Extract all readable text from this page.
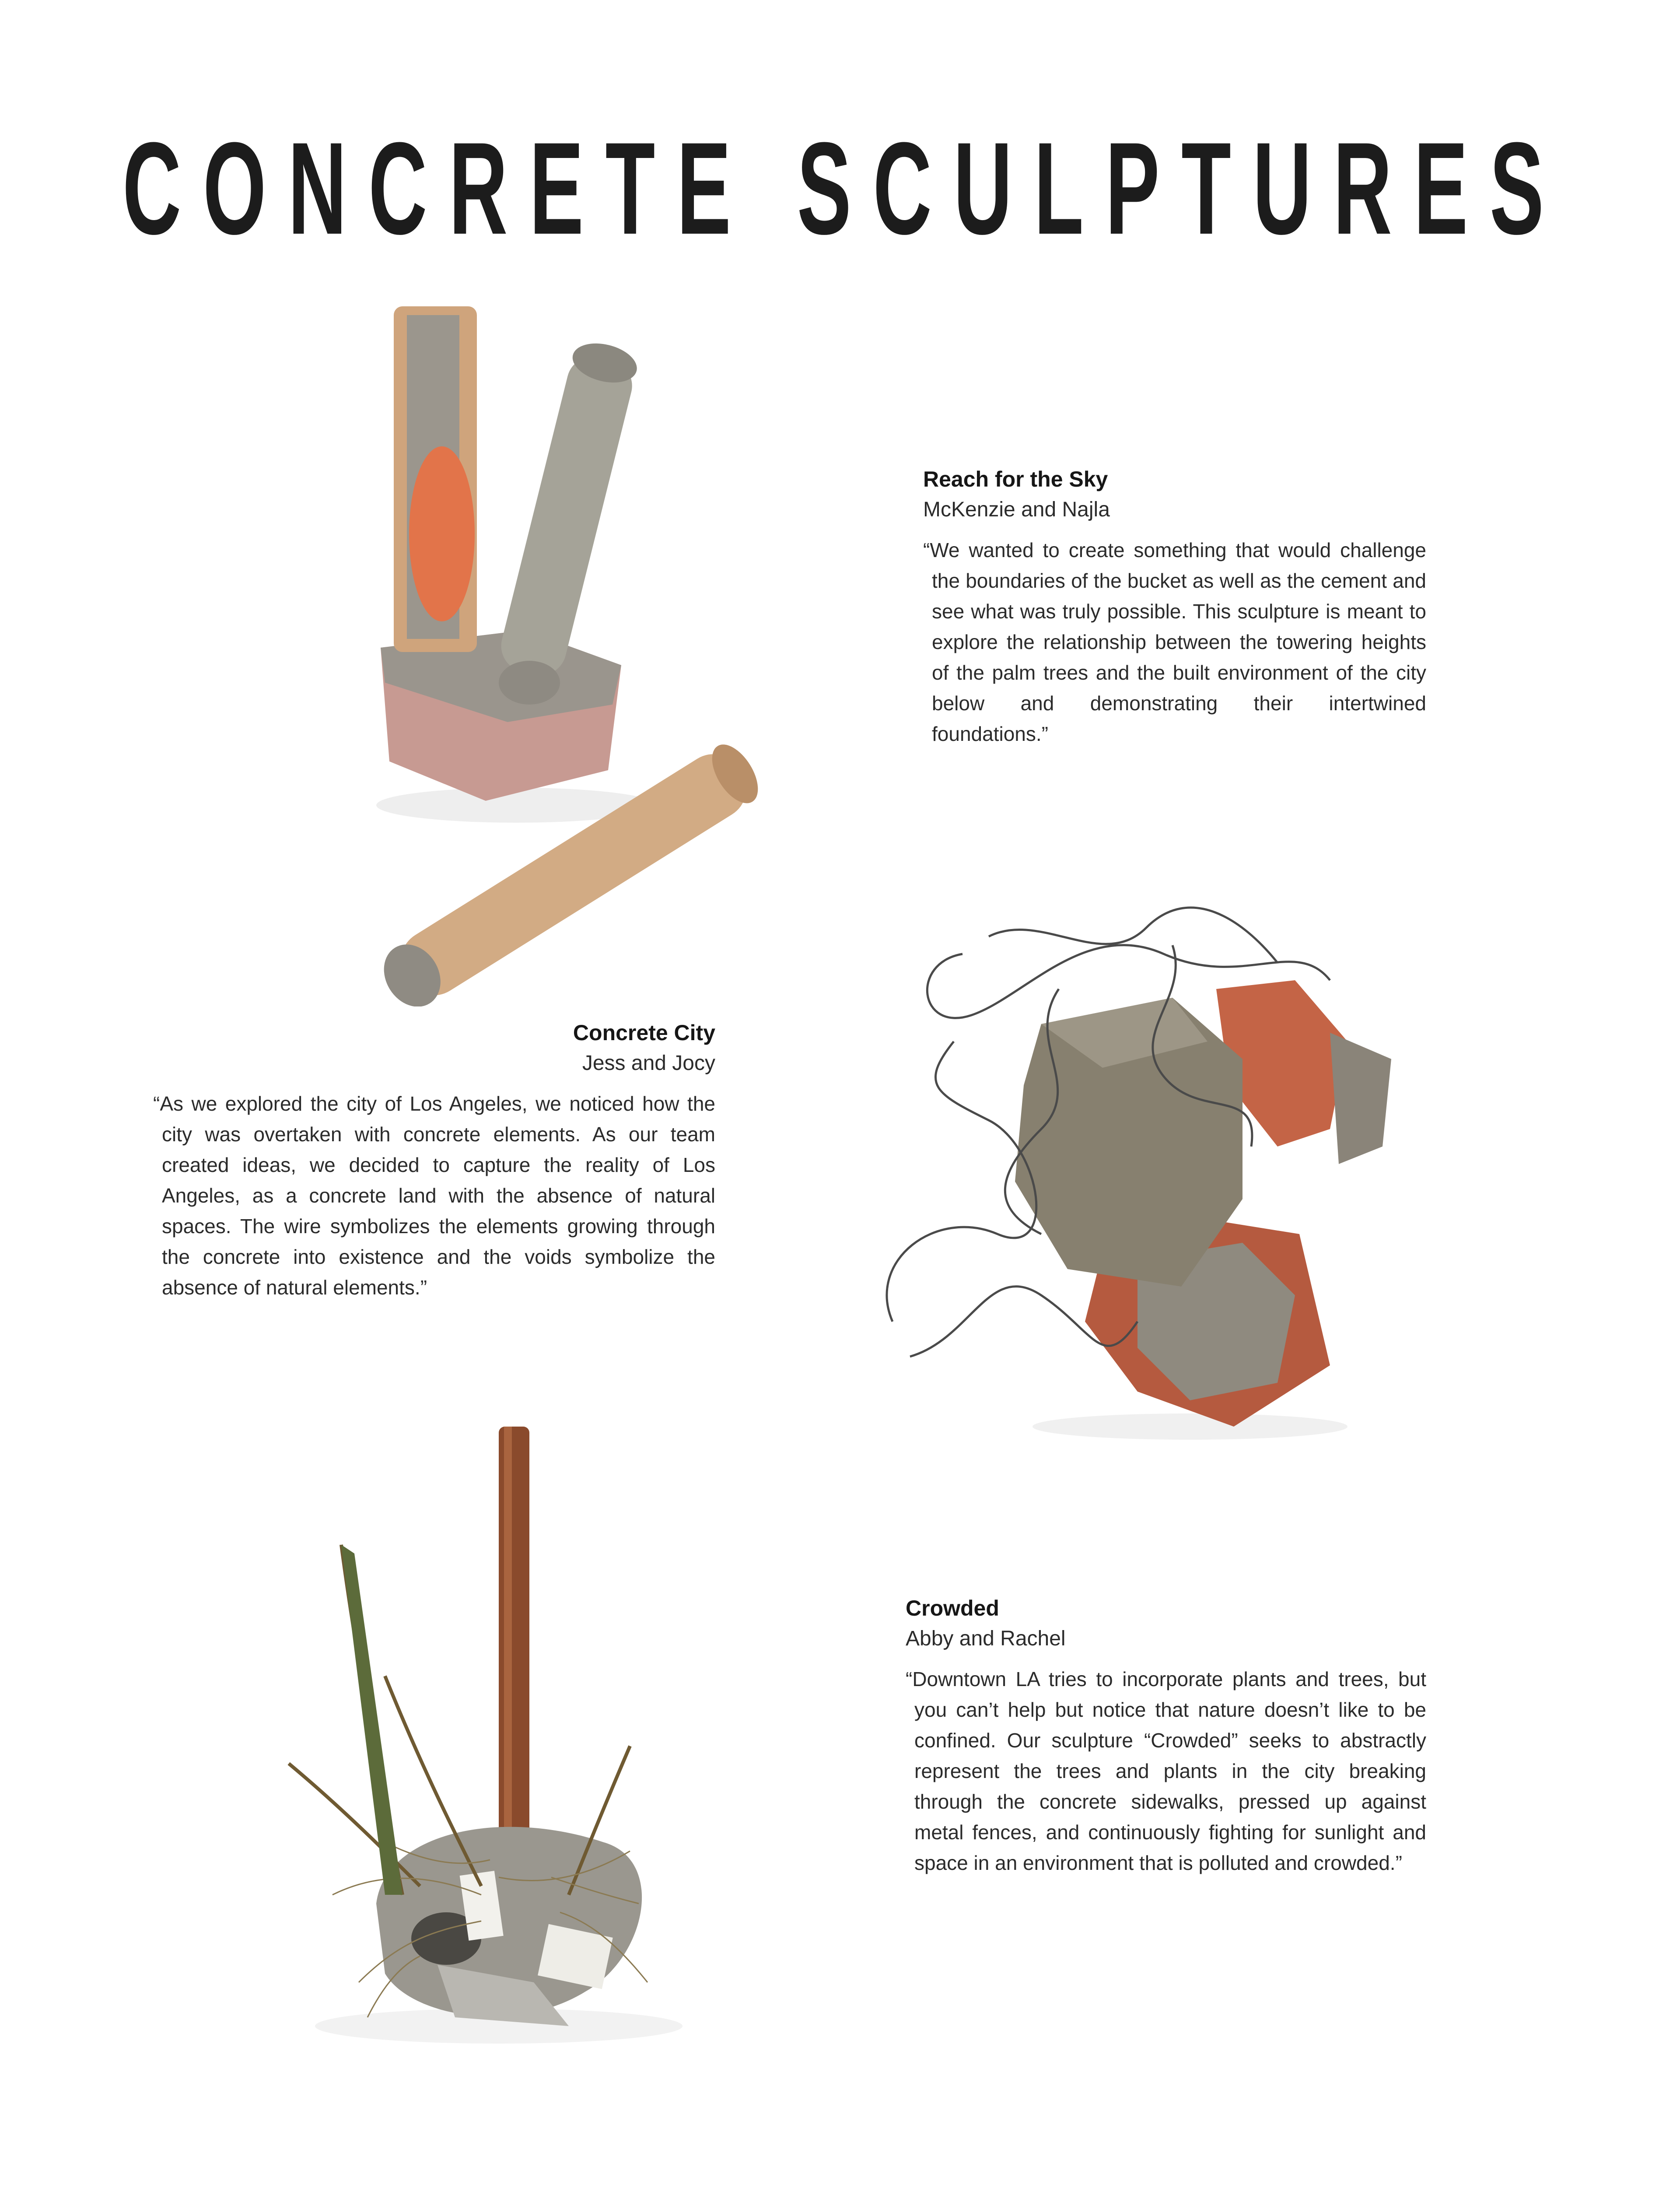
CONCRETE SCULPTURES
Reach for the Sky
McKenzie and Najla
“We wanted to create something that would challenge the boundaries of the bucket as well as the cement and see what was truly possible. This sculpture is meant to explore the relationship between the towering heights of the palm trees and the built environment of the city below and demonstrating their intertwined foundations.”
Concrete City
Jess and Jocy
“As we explored the city of Los Angeles, we noticed how the city was overtaken with concrete elements. As our team created ideas, we decided to capture the reality of Los Angeles, as a concrete land with the absence of natural spaces. The wire symbolizes the elements growing through the concrete into existence and the voids symbolize the absence of natural elements.”
Crowded
Abby and Rachel
“Downtown LA tries to incorporate plants and trees, but you can’t help but notice that nature doesn’t like to be confined. Our sculpture “Crowded” seeks to abstractly represent the trees and plants in the city breaking through the concrete sidewalks, pressed up against metal fences, and continuously fighting for sunlight and space in an environment that is polluted and crowded.”
